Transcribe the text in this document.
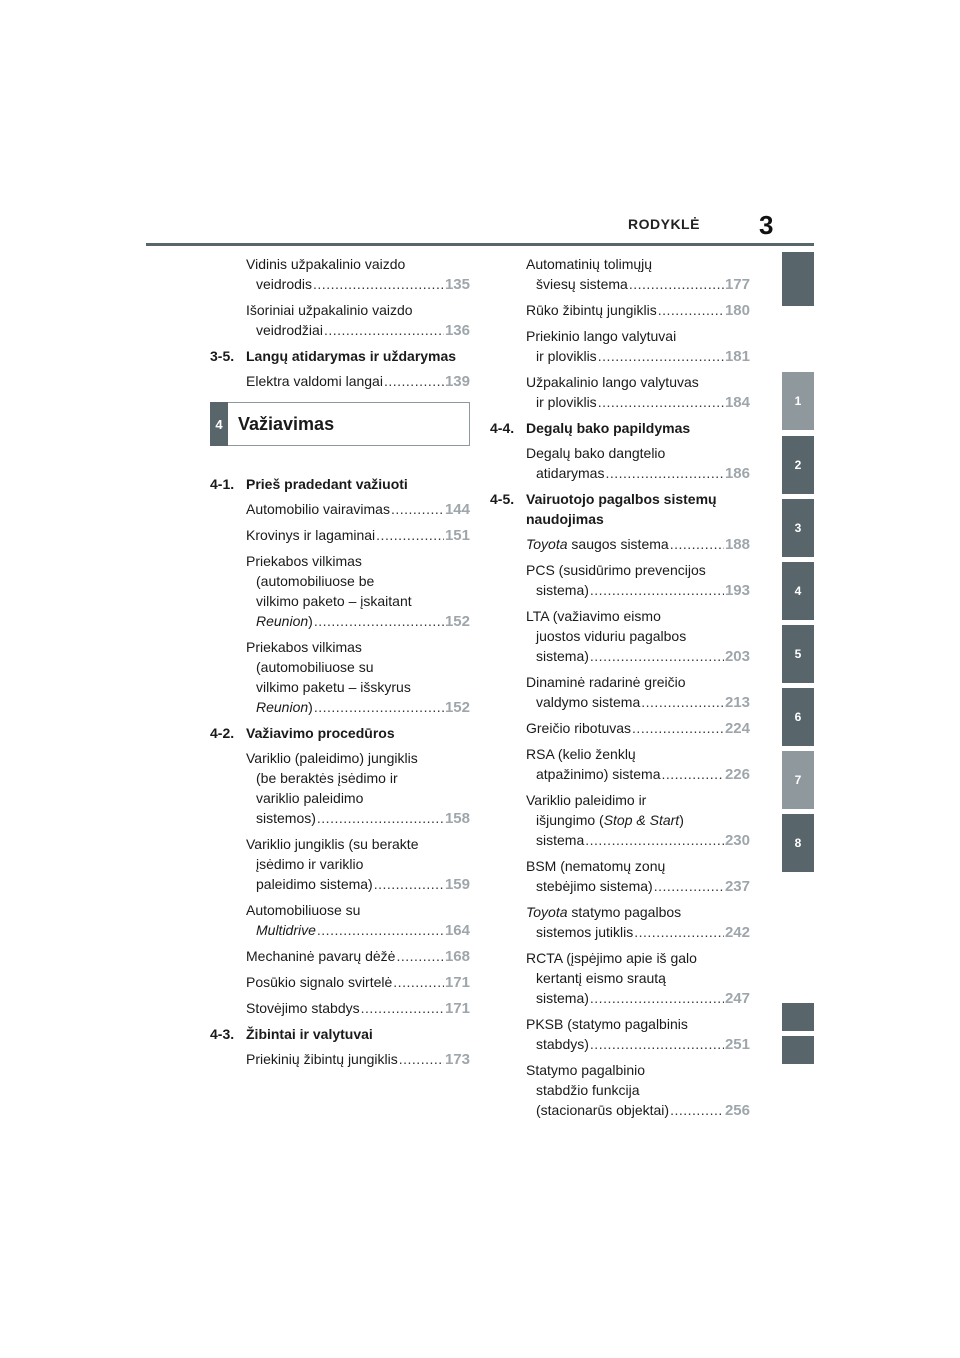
RODYKLĖ 3
1
2
3
4
5
6
7
8
Vidinis užpakalinio vaizdo
veidrodis .....	135
Išoriniai užpakalinio vaizdo
veidrodžiai .....	136
3-5. Langų atidarymas ir uždarymas
Elektra valdomi langai .....	139
4 Važiavimas
4-1. Prieš pradedant važiuoti
Automobilio vairavimas .....	144
Krovinys ir lagaminai .....	151
Priekabos vilkimas
(automobiliuose be
vilkimo paketo – įskaitant
Reunion) .....	152
Priekabos vilkimas
(automobiliuose su
vilkimo paketu – išskyrus
Reunion) .....	152
4-2. Važiavimo procedūros
Variklio (paleidimo) jungiklis
(be beraktės įsėdimo ir
variklio paleidimo
sistemos) .....	158
Variklio jungiklis (su berakte
įsėdimo ir variklio
paleidimo sistema) .....	159
Automobiliuose su
Multidrive .....	164
Mechaninė pavarų dėžė .....	168
Posūkio signalo svirtelė .....	171
Stovėjimo stabdys .....	171
4-3. Žibintai ir valytuvai
Priekinių žibintų jungiklis .....	173
Automatinių tolimųjų
šviesų sistema .....	177
Rūko žibintų jungiklis .....	180
Priekinio lango valytuvai
ir ploviklis .....	181
Užpakalinio lango valytuvas
ir ploviklis .....	184
4-4. Degalų bako papildymas
Degalų bako dangtelio
atidarymas .....	186
4-5. Vairuotojo pagalbos sistemų naudojimas
Toyota saugos sistema .....	188
PCS (susidūrimo prevencijos
sistema) .....	193
LTA (važiavimo eismo
juostos viduriu pagalbos
sistema) .....	203
Dinaminė radarinė greičio
valdymo sistema .....	213
Greičio ribotuvas .....	224
RSA (kelio ženklų
atpažinimo) sistema .....	226
Variklio paleidimo ir
išjungimo (Stop & Start)
sistema .....	230
BSM (nematomų zonų
stebėjimo sistema) .....	237
Toyota statymo pagalbos
sistemos jutiklis .....	242
RCTA (įspėjimo apie iš galo
kertantį eismo srautą
sistema) .....	247
PKSB (statymo pagalbinis
stabdys) .....	251
Statymo pagalbinio
stabdžio funkcija
(stacionarūs objektai) .....	256
